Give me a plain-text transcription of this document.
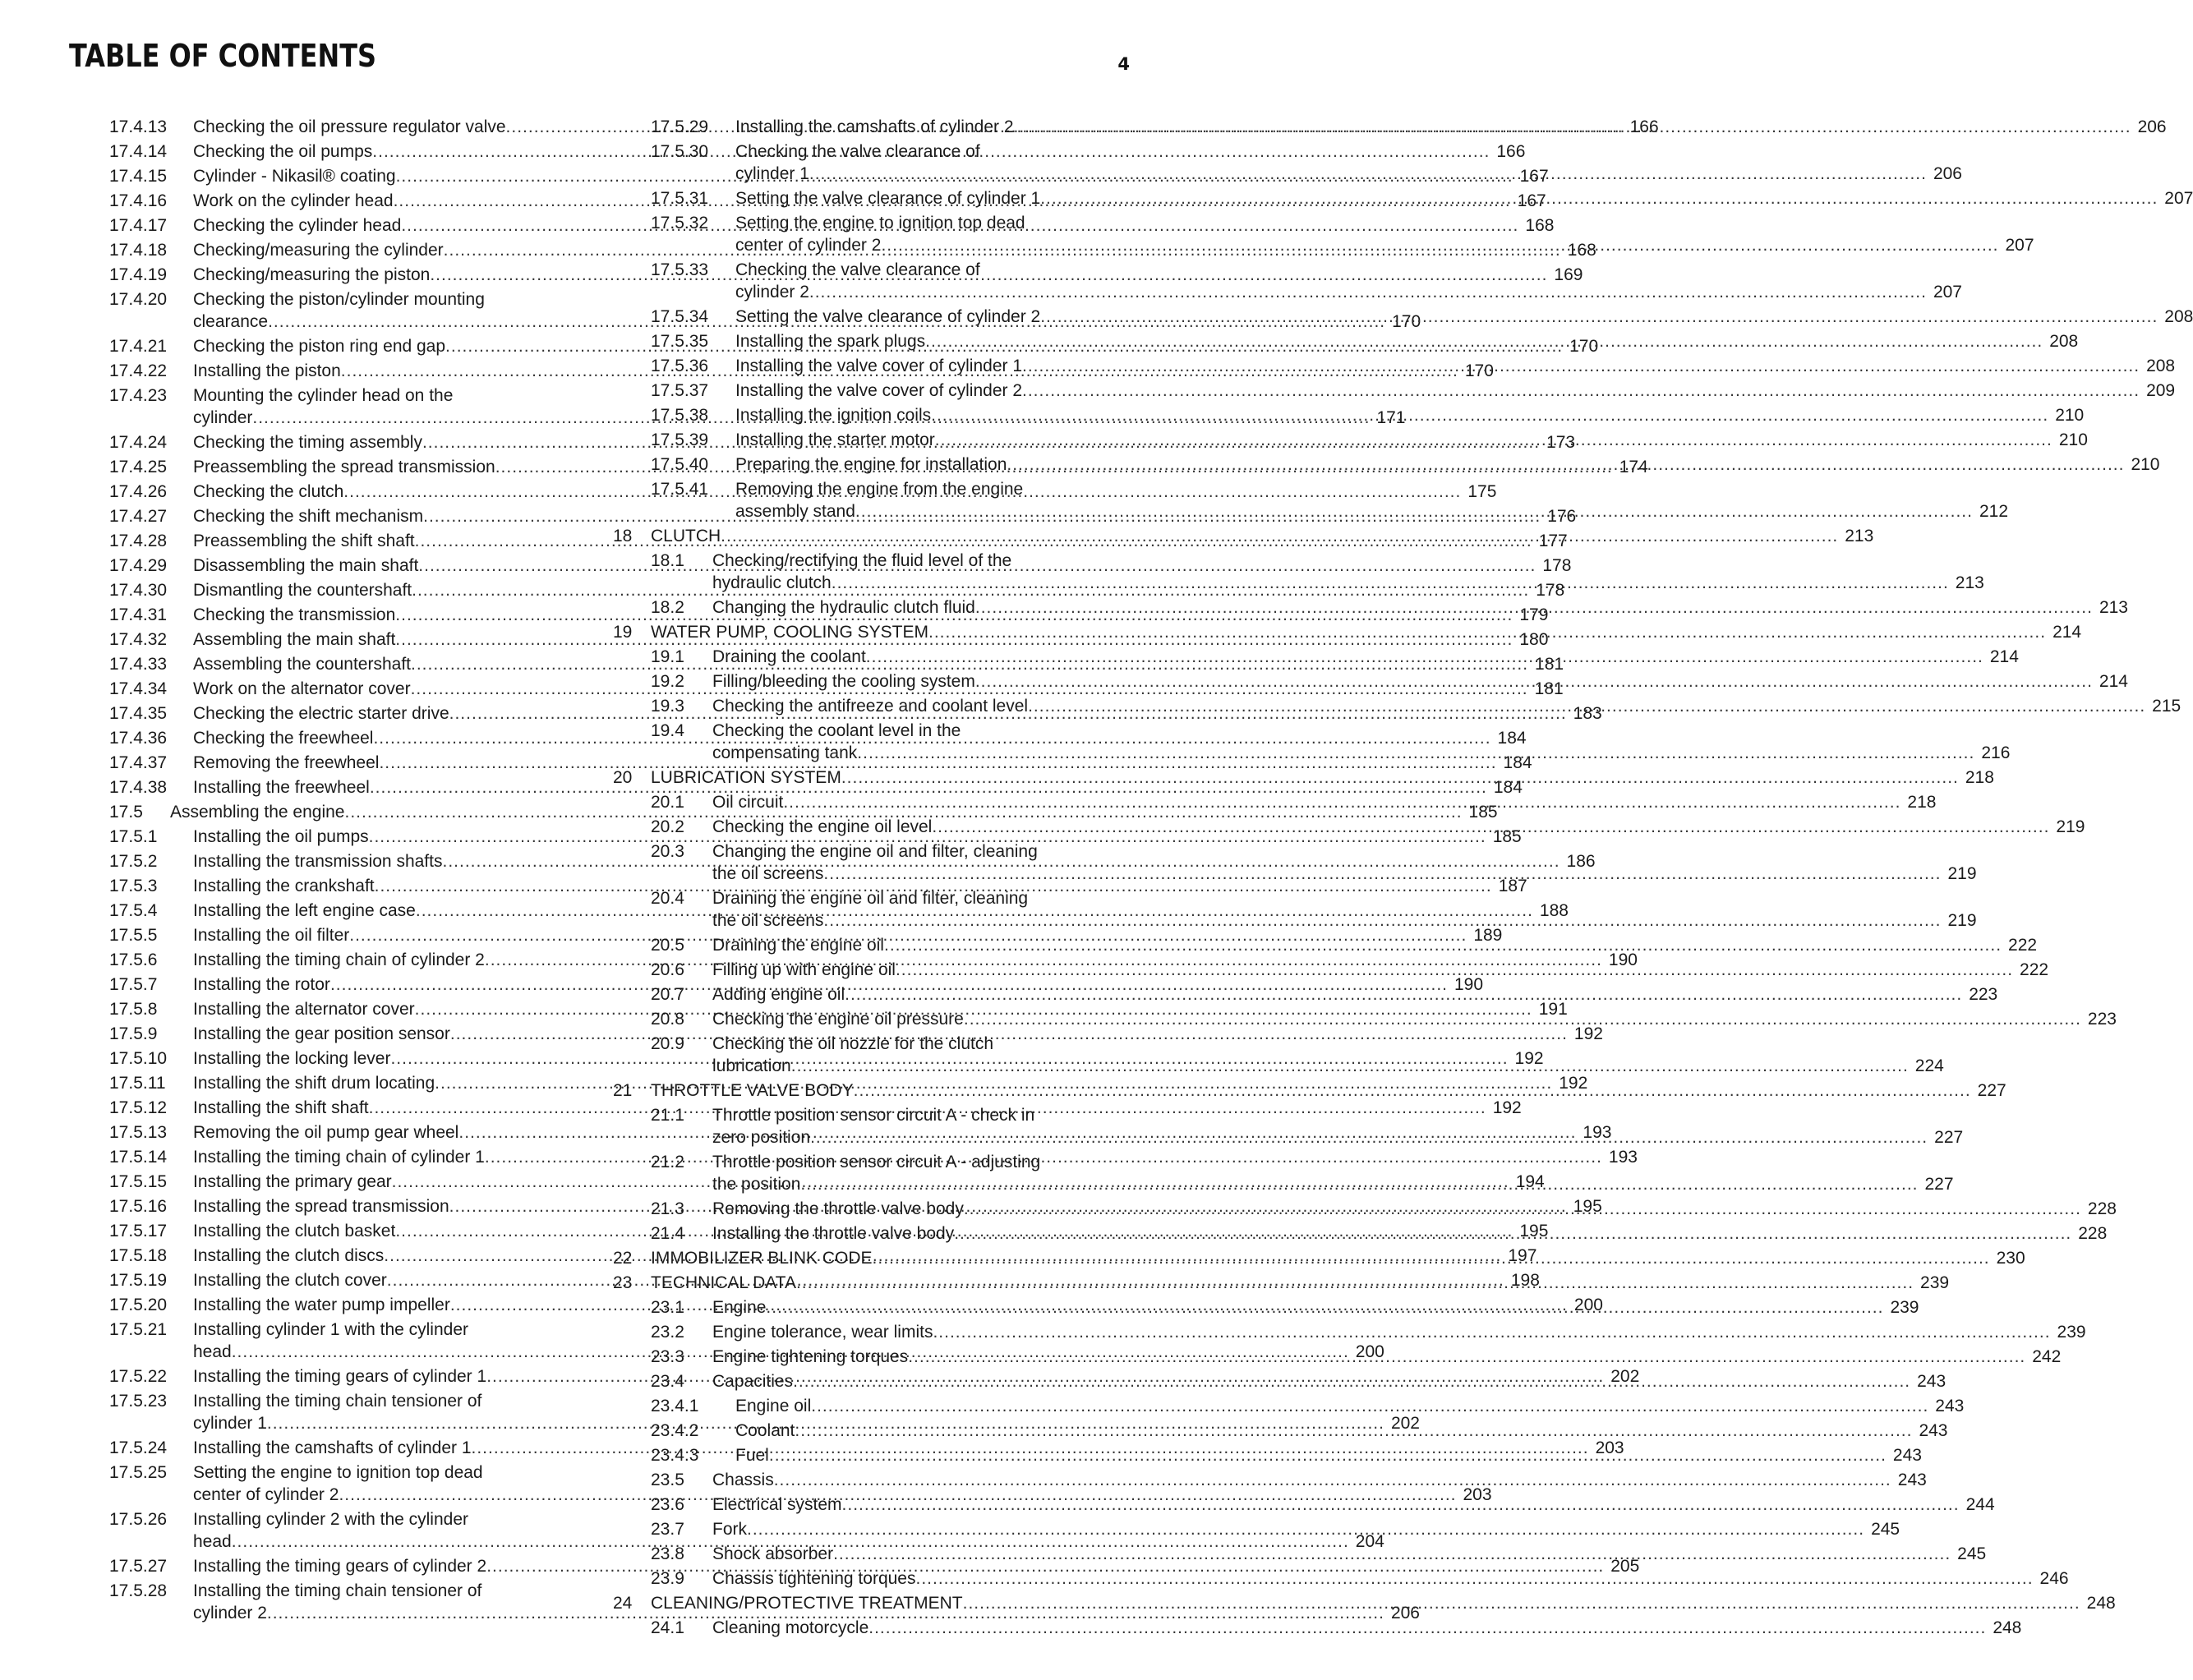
TABLE OF CONTENTS	4
17.4.13 Checking the oil pressure regulator valve .....	166
17.4.14 Checking the oil pumps .....	166
17.4.15 Cylinder - Nikasil® coating .....	167
17.4.16 Work on the cylinder head .....	167
17.4.17 Checking the cylinder head .....	168
17.4.18 Checking/measuring the cylinder .....	168
17.4.19 Checking/measuring the piston .....	169
17.4.20 Checking the piston/cylinder mounting
clearance .....	170
17.4.21 Checking the piston ring end gap .....	170
17.4.22 Installing the piston .....	170
17.4.23 Mounting the cylinder head on the
cylinder .....	171
17.4.24 Checking the timing assembly .....	173
17.4.25 Preassembling the spread transmission .....	174
17.4.26 Checking the clutch .....	175
17.4.27 Checking the shift mechanism .....	176
17.4.28 Preassembling the shift shaft .....	177
17.4.29 Disassembling the main shaft .....	178
17.4.30 Dismantling the countershaft .....	178
17.4.31 Checking the transmission .....	179
17.4.32 Assembling the main shaft .....	180
17.4.33 Assembling the countershaft .....	181
17.4.34 Work on the alternator cover .....	181
17.4.35 Checking the electric starter drive .....	183
17.4.36 Checking the freewheel .....	184
17.4.37 Removing the freewheel .....	184
17.4.38 Installing the freewheel .....	184
17.5 Assembling the engine .....	185
17.5.1 Installing the oil pumps .....	185
17.5.2 Installing the transmission shafts .....	186
17.5.3 Installing the crankshaft .....	187
17.5.4 Installing the left engine case .....	188
17.5.5 Installing the oil filter .....	189
17.5.6 Installing the timing chain of cylinder 2 .....	190
17.5.7 Installing the rotor .....	190
17.5.8 Installing the alternator cover .....	191
17.5.9 Installing the gear position sensor .....	192
17.5.10 Installing the locking lever .....	192
17.5.11 Installing the shift drum locating .....	192
17.5.12 Installing the shift shaft .....	192
17.5.13 Removing the oil pump gear wheel .....	193
17.5.14 Installing the timing chain of cylinder 1 .....	193
17.5.15 Installing the primary gear .....	194
17.5.16 Installing the spread transmission .....	195
17.5.17 Installing the clutch basket .....	195
17.5.18 Installing the clutch discs .....	197
17.5.19 Installing the clutch cover .....	198
17.5.20 Installing the water pump impeller .....	200
17.5.21 Installing cylinder 1 with the cylinder
head .....	200
17.5.22 Installing the timing gears of cylinder 1 .....	202
17.5.23 Installing the timing chain tensioner of
cylinder 1 .....	202
17.5.24 Installing the camshafts of cylinder 1 .....	203
17.5.25 Setting the engine to ignition top dead
center of cylinder 2 .....	203
17.5.26 Installing cylinder 2 with the cylinder
head .....	204
17.5.27 Installing the timing gears of cylinder 2 .....	205
17.5.28 Installing the timing chain tensioner of
cylinder 2 .....	206
17.5.29 Installing the camshafts of cylinder 2 .....	206
17.5.30 Checking the valve clearance of
cylinder 1 .....	206
17.5.31 Setting the valve clearance of cylinder 1 .....	207
17.5.32 Setting the engine to ignition top dead
center of cylinder 2 .....	207
17.5.33 Checking the valve clearance of
cylinder 2 .....	207
17.5.34 Setting the valve clearance of cylinder 2 .....	208
17.5.35 Installing the spark plugs .....	208
17.5.36 Installing the valve cover of cylinder 1 .....	208
17.5.37 Installing the valve cover of cylinder 2 .....	209
17.5.38 Installing the ignition coils .....	210
17.5.39 Installing the starter motor .....	210
17.5.40 Preparing the engine for installation .....	210
17.5.41 Removing the engine from the engine
assembly stand .....	212
18 CLUTCH .....	213
18.1 Checking/rectifying the fluid level of the
hydraulic clutch .....	213
18.2 Changing the hydraulic clutch fluid .....	213
19 WATER PUMP, COOLING SYSTEM .....	214
19.1 Draining the coolant .....	214
19.2 Filling/bleeding the cooling system .....	214
19.3 Checking the antifreeze and coolant level .....	215
19.4 Checking the coolant level in the
compensating tank .....	216
20 LUBRICATION SYSTEM .....	218
20.1 Oil circuit .....	218
20.2 Checking the engine oil level .....	219
20.3 Changing the engine oil and filter, cleaning
the oil screens .....	219
20.4 Draining the engine oil and filter, cleaning
the oil screens .....	219
20.5 Draining the engine oil .....	222
20.6 Filling up with engine oil .....	222
20.7 Adding engine oil .....	223
20.8 Checking the engine oil pressure .....	223
20.9 Checking the oil nozzle for the clutch
lubrication .....	224
21 THROTTLE VALVE BODY .....	227
21.1 Throttle position sensor circuit A - check in
zero position .....	227
21.2 Throttle position sensor circuit A - adjusting
the position .....	227
21.3 Removing the throttle valve body .....	228
21.4 Installing the throttle valve body .....	228
22 IMMOBILIZER BLINK CODE .....	230
23 TECHNICAL DATA .....	239
23.1 Engine .....	239
23.2 Engine tolerance, wear limits .....	239
23.3 Engine tightening torques .....	242
23.4 Capacities .....	243
23.4.1 Engine oil .....	243
23.4.2 Coolant .....	243
23.4.3 Fuel .....	243
23.5 Chassis .....	243
23.6 Electrical system .....	244
23.7 Fork .....	245
23.8 Shock absorber .....	245
23.9 Chassis tightening torques .....	246
24 CLEANING/PROTECTIVE TREATMENT .....	248
24.1 Cleaning motorcycle .....	248
